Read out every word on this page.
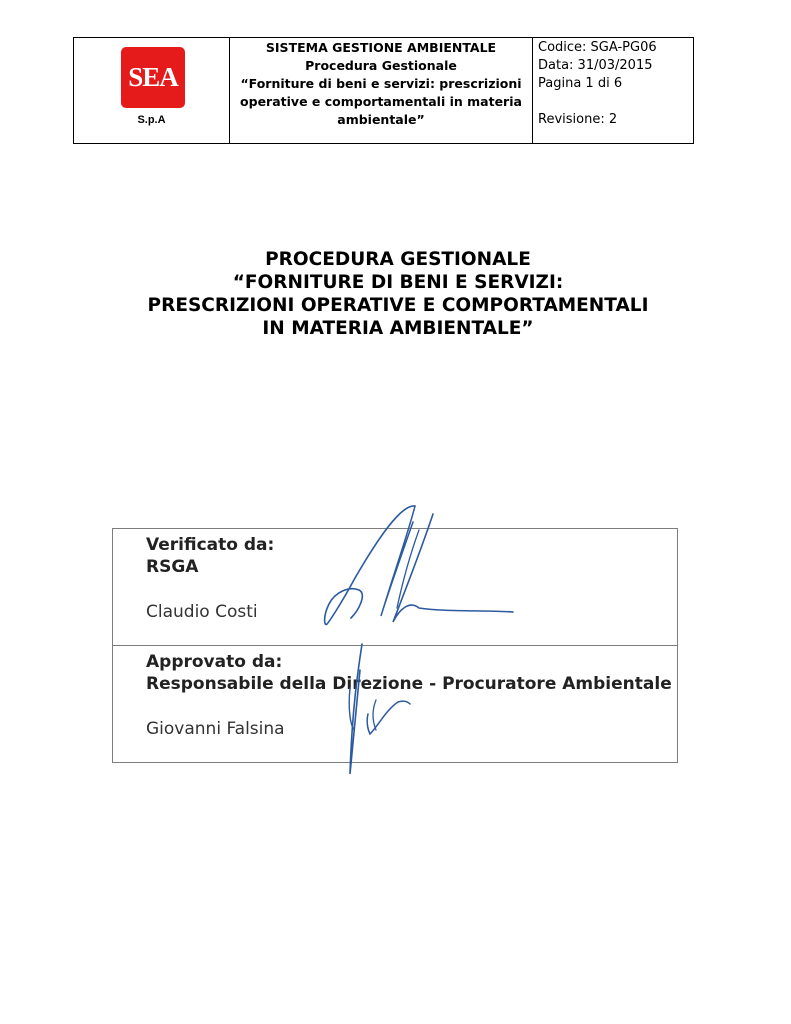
SEA
S.p.A
SISTEMA GESTIONE AMBIENTALE
Procedura Gestionale
“Forniture di beni e servizi: prescrizioni
operative e comportamentali in materia
ambientale”
Codice: SGA-PG06
Data: 31/03/2015
Pagina 1 di 6
Revisione: 2
PROCEDURA GESTIONALE
“FORNITURE DI BENI E SERVIZI:
PRESCRIZIONI OPERATIVE E COMPORTAMENTALI
IN MATERIA AMBIENTALE”
Verificato da:
RSGA
Claudio Costi
Approvato da:
Responsabile della Direzione - Procuratore Ambientale
Giovanni Falsina
